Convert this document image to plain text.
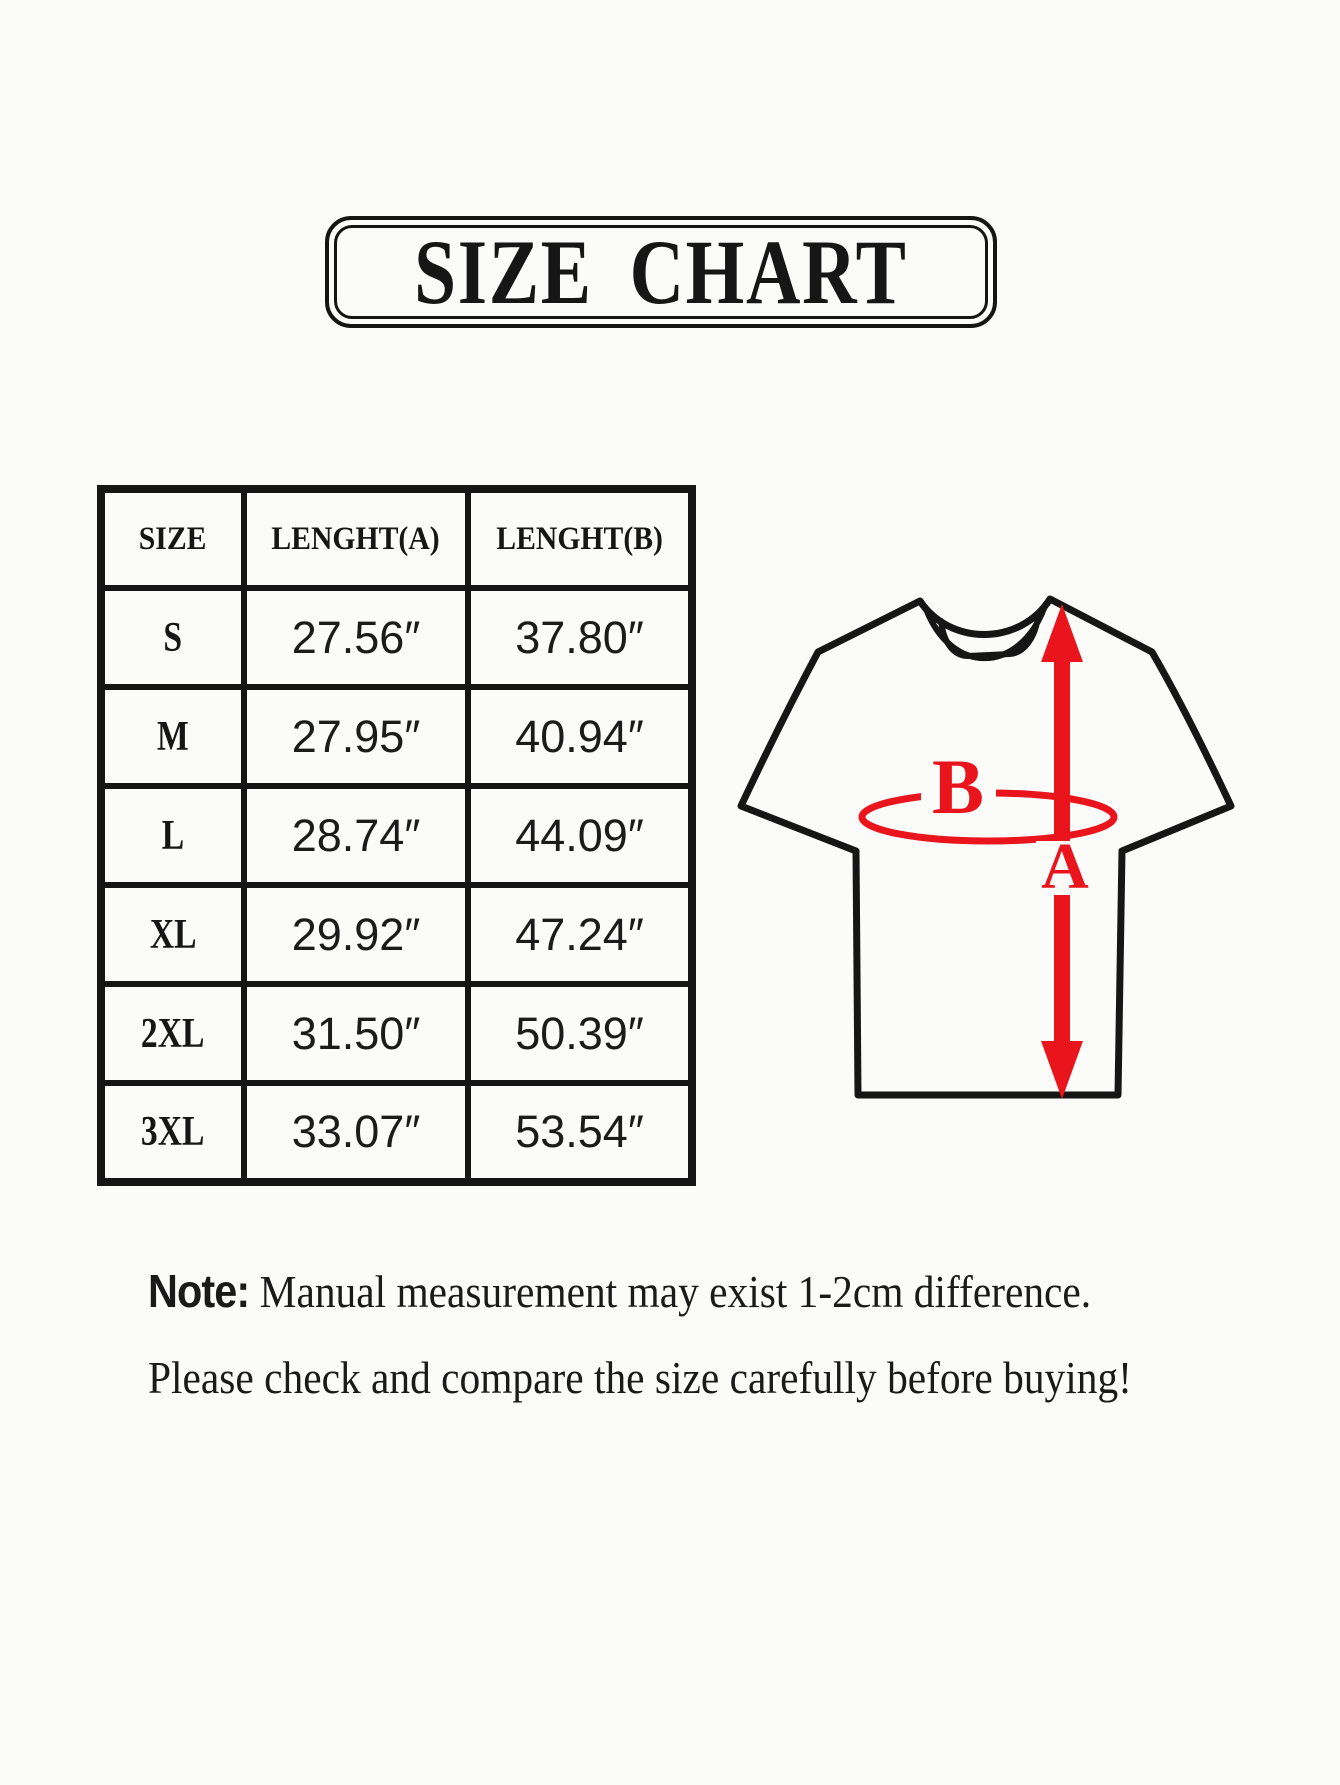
SIZE CHART
SIZE	LENGHT(A)	LENGHT(B)
S	27.56″	37.80″
M	27.95″	40.94″
L	28.74″	44.09″
XL	29.92″	47.24″
2XL	31.50″	50.39″
3XL	33.07″	53.54″
B
A
Note: Manual measurement may exist 1-2cm difference.
Please check and compare the size carefully before buying!
